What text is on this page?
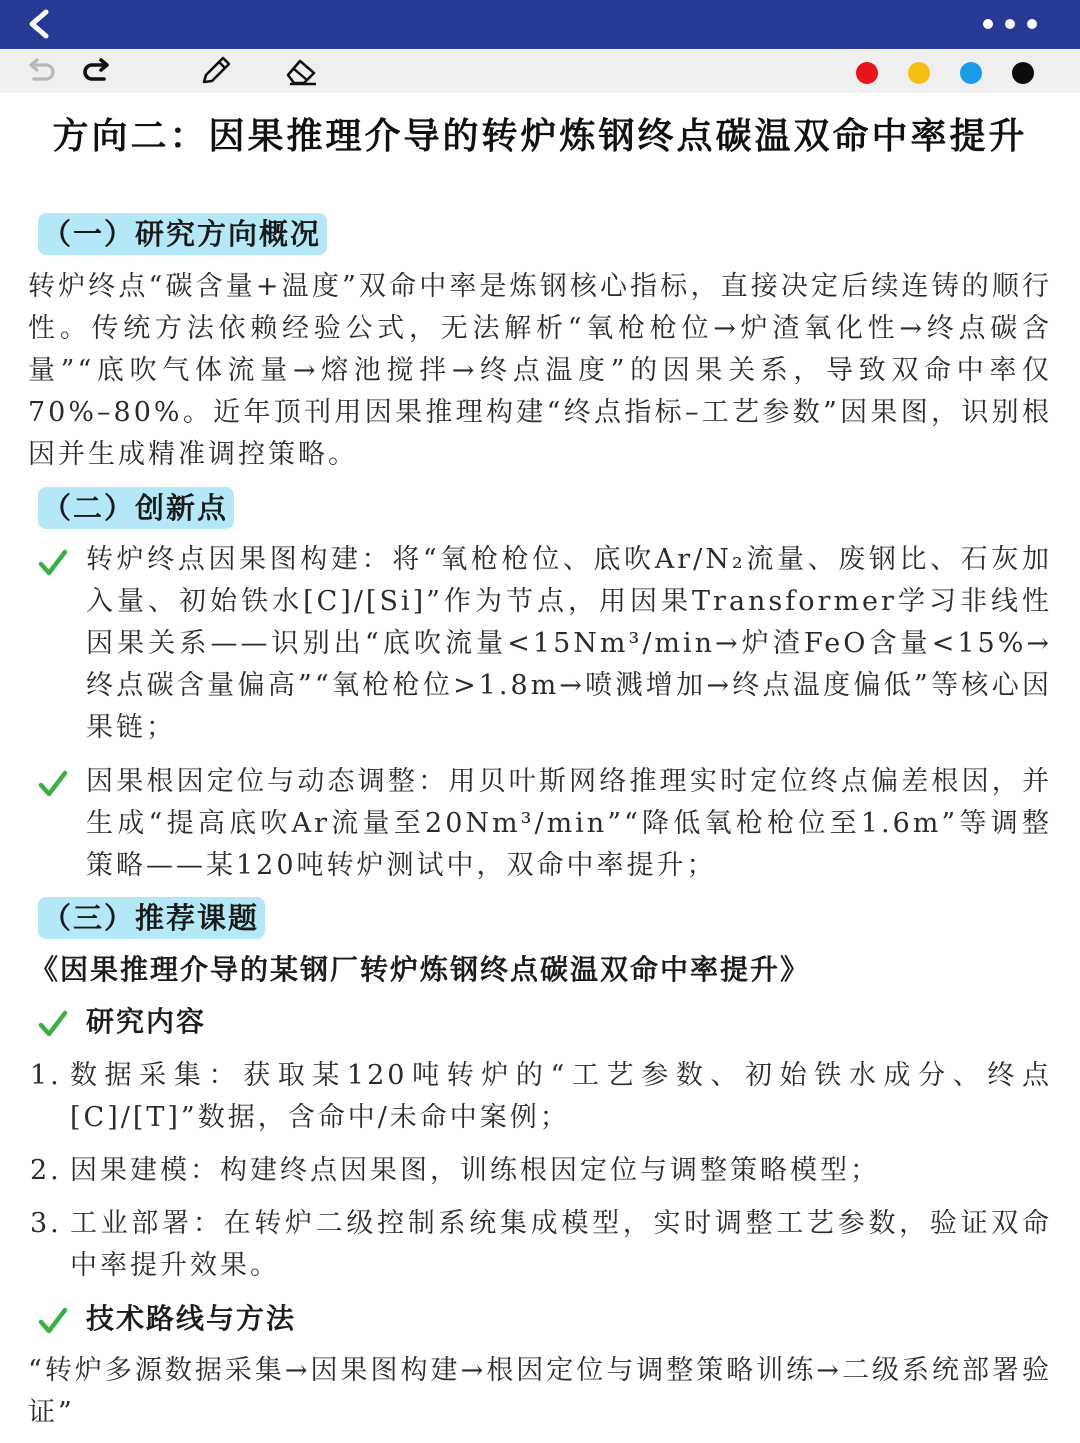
方向二：因果推理介导的转炉炼钢终点碳温双命中率提升
（一）研究方向概况
转炉终点“碳含量+温度”双命中率是炼钢核心指标，直接决定后续连铸的顺行性。传统方法依赖经验公式，无法解析“氧枪枪位→炉渣氧化性→终点碳含量”“底吹气体流量→熔池搅拌→终点温度”的因果关系，导致双命中率仅70%–80%。近年顶刊用因果推理构建“终点指标–工艺参数”因果图，识别根因并生成精准调控策略。
（二）创新点
转炉终点因果图构建：将“氧枪枪位、底吹Ar/N₂流量、废钢比、石灰加入量、初始铁水[C]/[Si]”作为节点，用因果Transformer学习非线性因果关系——识别出“底吹流量<15Nm³/min→炉渣FeO含量<15%→终点碳含量偏高”“氧枪枪位>1.8m→喷溅增加→终点温度偏低”等核心因果链；
因果根因定位与动态调整：用贝叶斯网络推理实时定位终点偏差根因，并生成“提高底吹Ar流量至20Nm³/min”“降低氧枪枪位至1.6m”等调整策略——某120吨转炉测试中，双命中率提升；
（三）推荐课题
《因果推理介导的某钢厂转炉炼钢终点碳温双命中率提升》
研究内容
1. 数据采集：获取某120吨转炉的“工艺参数、初始铁水成分、终点[C]/[T]”数据，含命中/未命中案例；
2. 因果建模：构建终点因果图，训练根因定位与调整策略模型；
3. 工业部署：在转炉二级控制系统集成模型，实时调整工艺参数，验证双命中率提升效果。
技术路线与方法
“转炉多源数据采集→因果图构建→根因定位与调整策略训练→二级系统部署验证”
